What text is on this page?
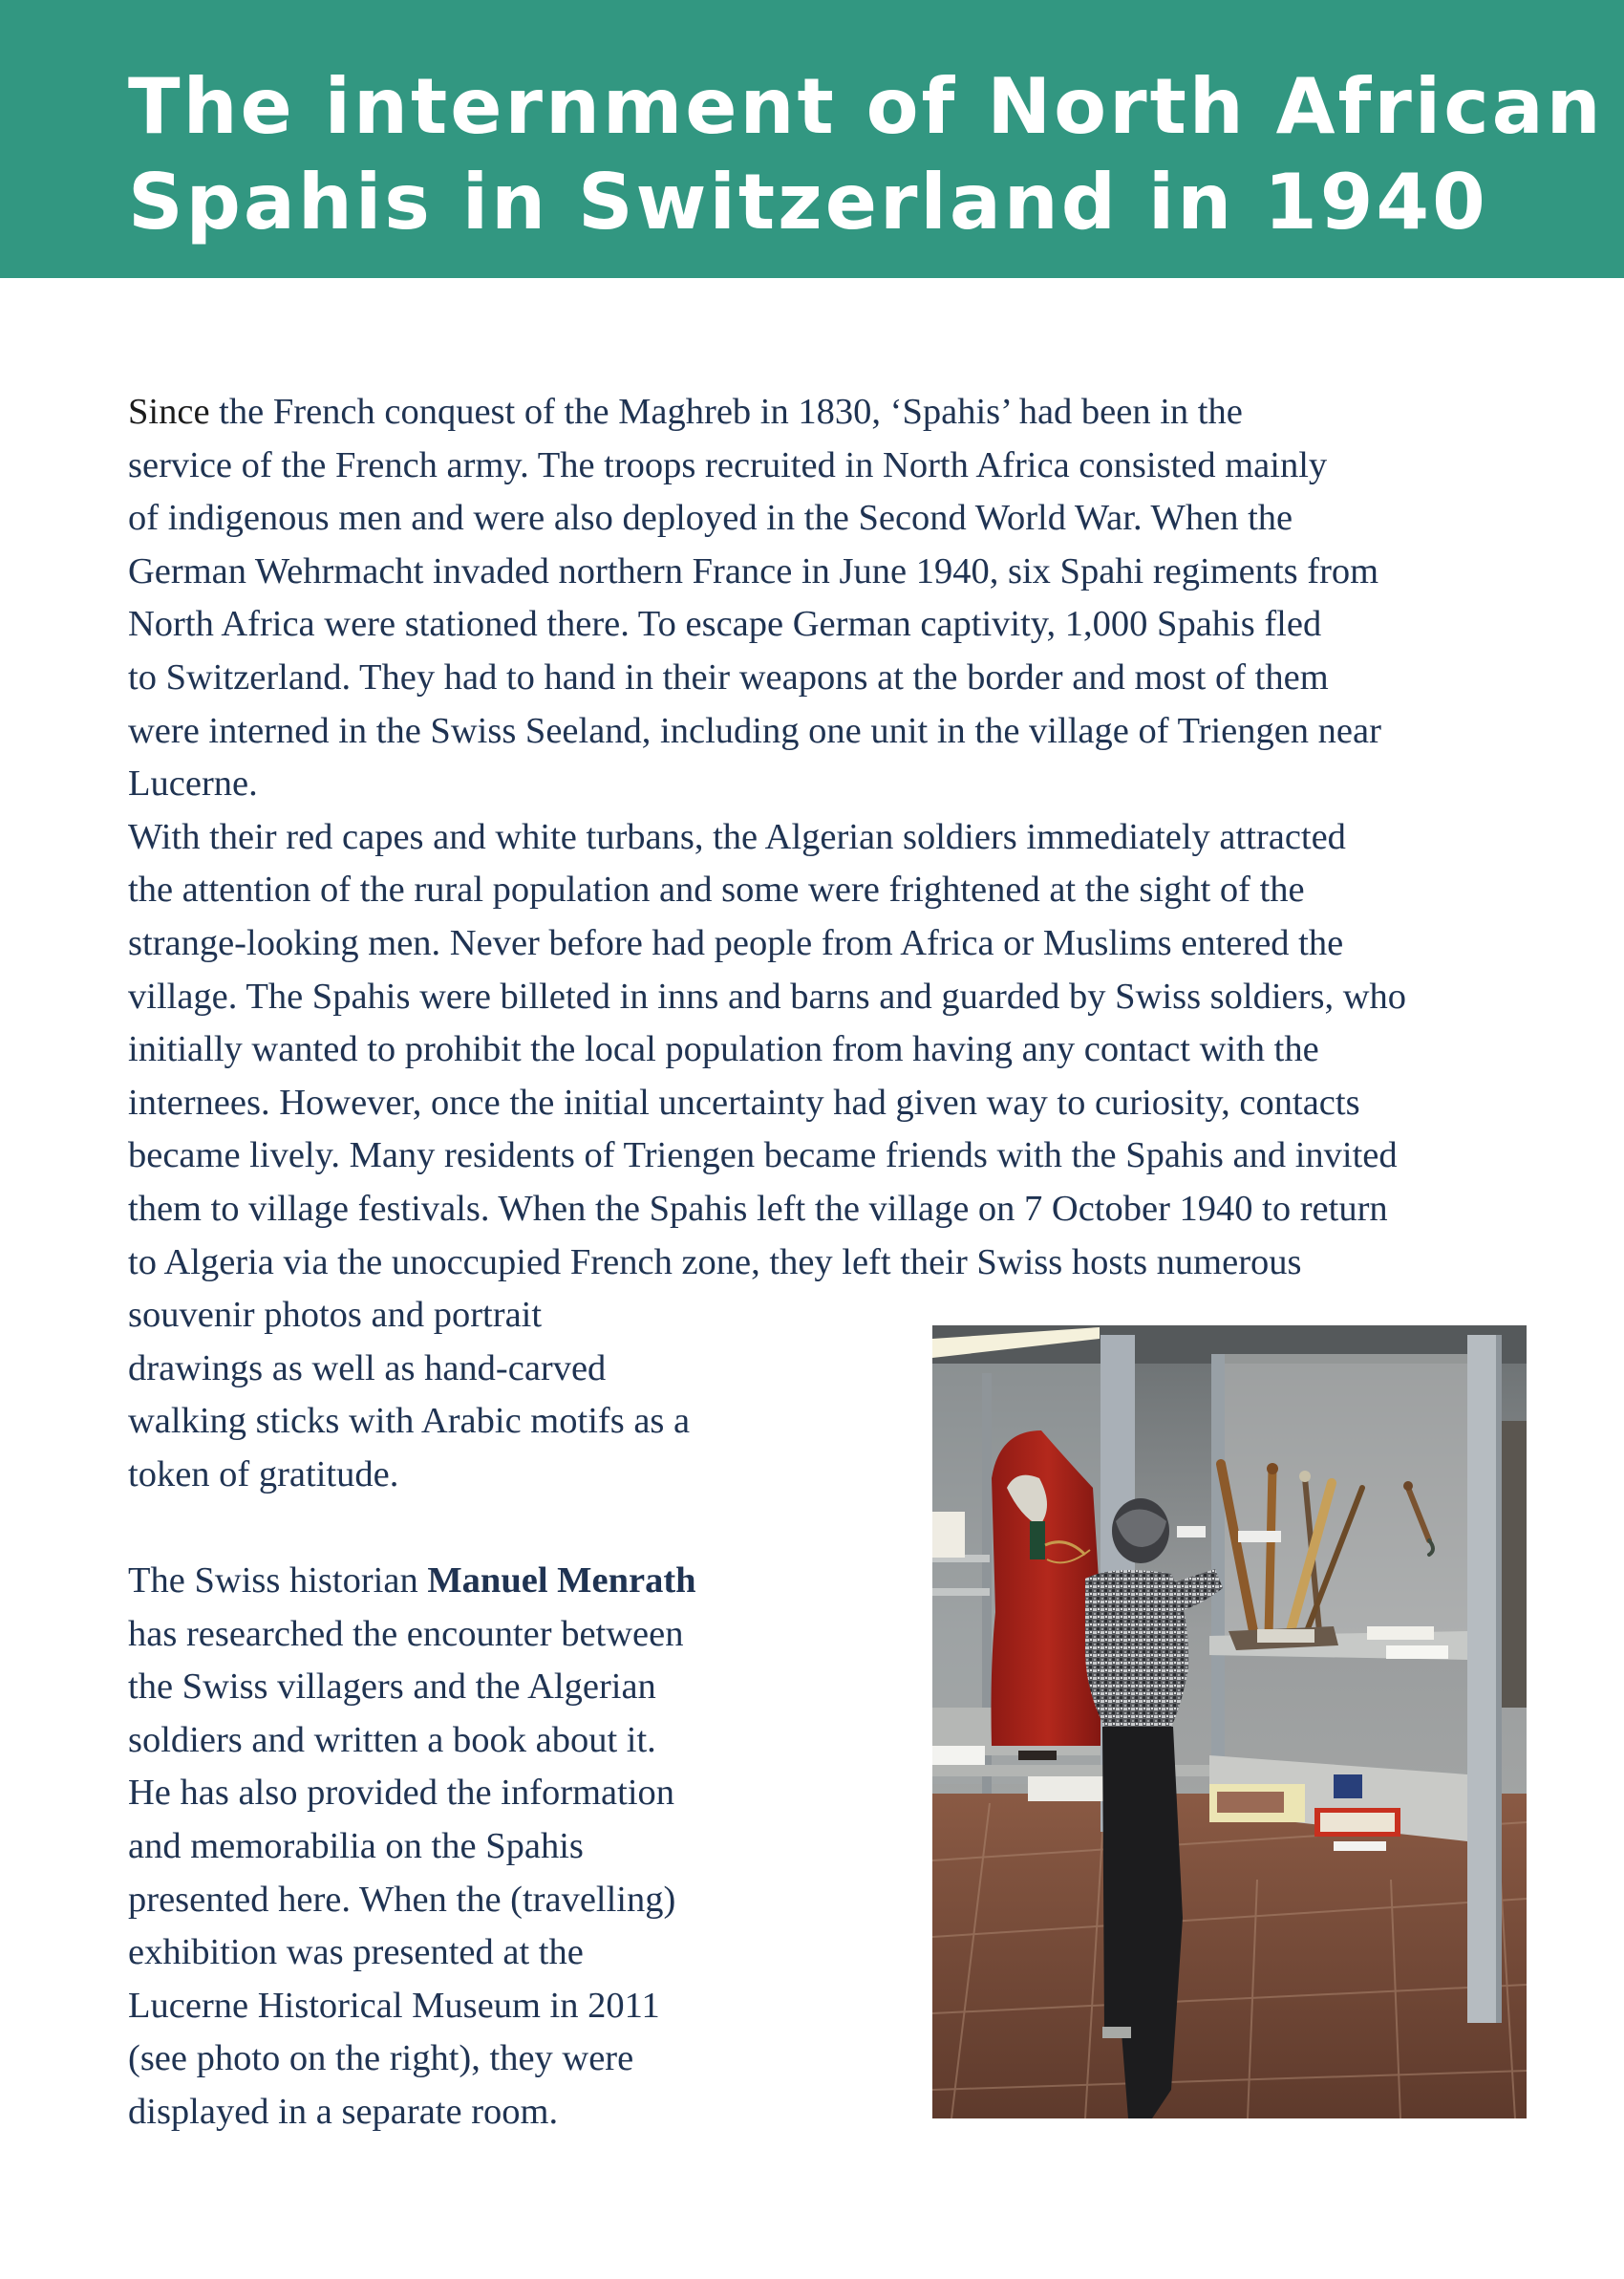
The internment of North African
Spahis in Switzerland in 1940
Since the French conquest of the Maghreb in 1830, ‘Spahis’ had been in the
service of the French army. The troops recruited in North Africa consisted mainly
of indigenous men and were also deployed in the Second World War. When the
German Wehrmacht invaded northern France in June 1940, six Spahi regiments from
North Africa were stationed there. To escape German captivity, 1,000 Spahis fled
to Switzerland. They had to hand in their weapons at the border and most of them
were interned in the Swiss Seeland, including one unit in the village of Triengen near
Lucerne.
With their red capes and white turbans, the Algerian soldiers immediately attracted
the attention of the rural population and some were frightened at the sight of the
strange-looking men. Never before had people from Africa or Muslims entered the
village. The Spahis were billeted in inns and barns and guarded by Swiss soldiers, who
initially wanted to prohibit the local population from having any contact with the
internees. However, once the initial uncertainty had given way to curiosity, contacts
became lively. Many residents of Triengen became friends with the Spahis and invited
them to village festivals. When the Spahis left the village on 7 October 1940 to return
to Algeria via the unoccupied French zone, they left their Swiss hosts numerous
souvenir photos and portrait
drawings as well as hand-carved
walking sticks with Arabic motifs as a
token of gratitude.
The Swiss historian Manuel Menrath
has researched the encounter between
the Swiss villagers and the Algerian
soldiers and written a book about it.
He has also provided the information
and memorabilia on the Spahis
presented here. When the (travelling)
exhibition was presented at the
Lucerne Historical Museum in 2011
(see photo on the right), they were
displayed in a separate room.
